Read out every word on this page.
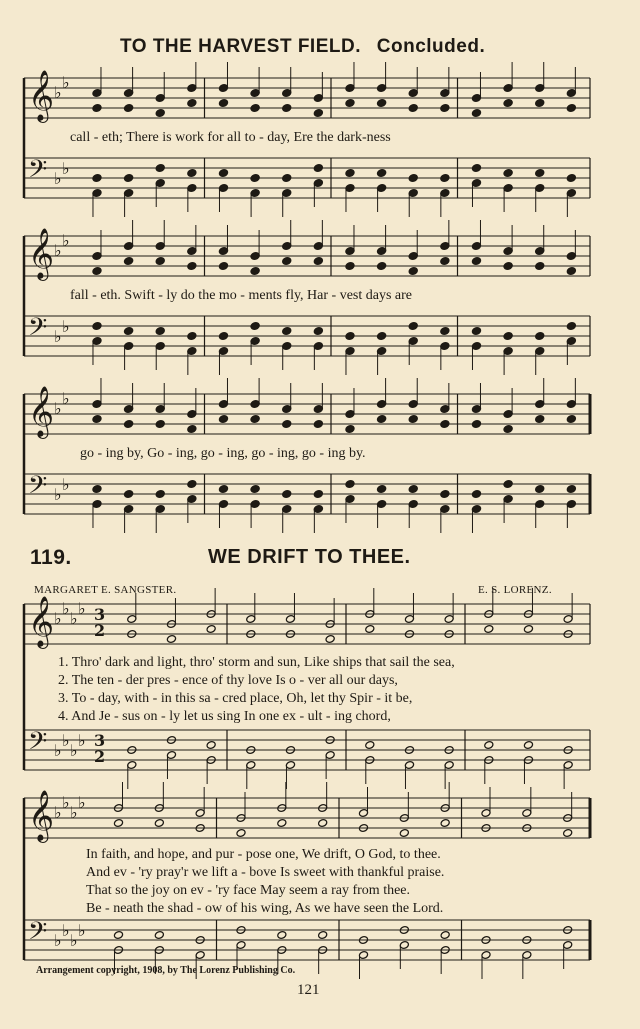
TO THE HARVEST FIELD. Concluded.
𝄞
𝄢
♭
♭
♭
♭
𝄞
𝄢
♭
♭
♭
♭
𝄞
𝄢
♭
♭
♭
♭
𝄞
𝄢
♭
♭
♭
♭
♭
♭
♭
♭
3
2
3
2
𝄞
𝄢
♭
♭
♭
♭
♭
♭
♭
♭
call - eth; There is work for all to - day, Ere the dark-ness
fall - eth. Swift - ly do the mo - ments fly, Har - vest days are
go - ing by, Go - ing, go - ing, go - ing, go - ing by.
119.	WE DRIFT TO THEE.
MARGARET E. SANGSTER.	E. S. LORENZ.
1. Thro' dark and light, thro' storm and sun, Like ships that sail the sea,
2. The ten - der pres - ence of thy love Is o - ver all our days,
3. To - day, with - in this sa - cred place, Oh, let thy Spir - it be,
4. And Je - sus on - ly let us sing In one ex - ult - ing chord,
In faith, and hope, and pur - pose one, We drift, O God, to thee.
And ev - 'ry pray'r we lift a - bove Is sweet with thankful praise.
That so the joy on ev - 'ry face May seem a ray from thee.
Be - neath the shad - ow of his wing, As we have seen the Lord.
Arrangement copyright, 1908, by The Lorenz Publishing Co.
121
